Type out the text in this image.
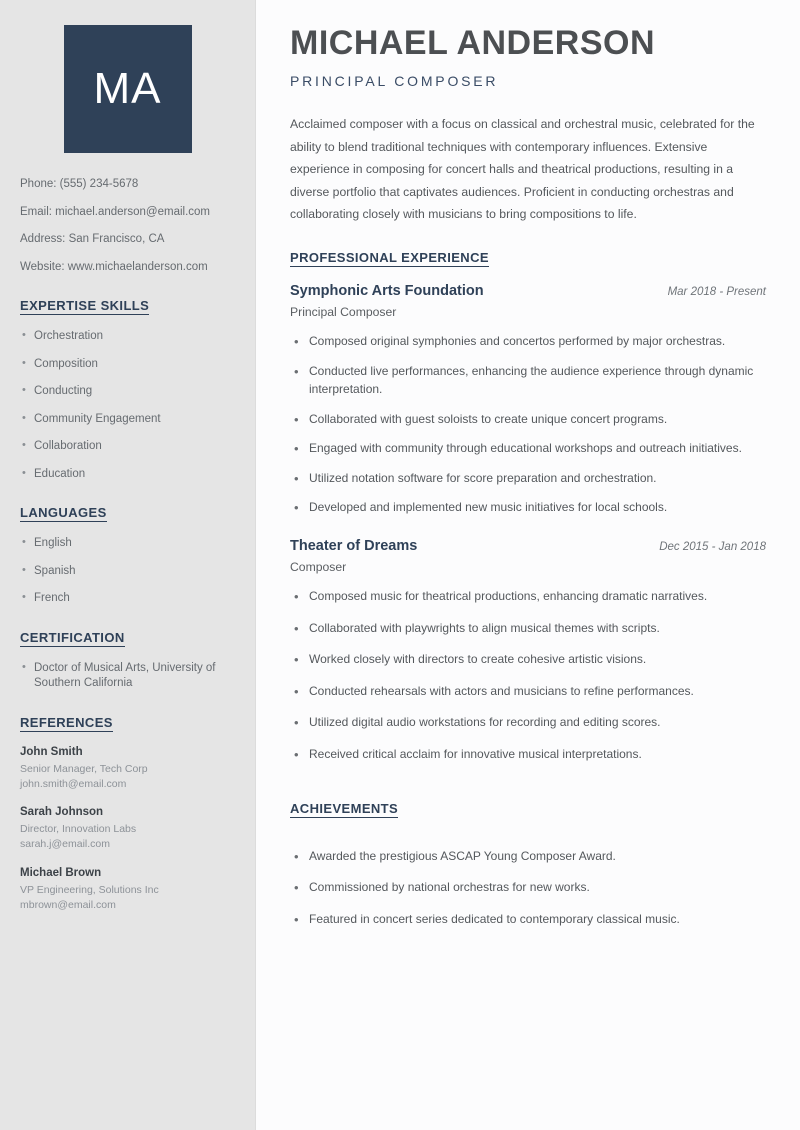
MA
Phone: (555) 234-5678
Email: michael.anderson@email.com
Address: San Francisco, CA
Website: www.michaelanderson.com
EXPERTISE SKILLS
• Orchestration
• Composition
• Conducting
• Community Engagement
• Collaboration
• Education
LANGUAGES
• English
• Spanish
• French
CERTIFICATION
• Doctor of Musical Arts, University of Southern California
REFERENCES
John Smith
Senior Manager, Tech Corp
john.smith@email.com
Sarah Johnson
Director, Innovation Labs
sarah.j@email.com
Michael Brown
VP Engineering, Solutions Inc
mbrown@email.com
MICHAEL ANDERSON
PRINCIPAL COMPOSER

Acclaimed composer with a focus on classical and orchestral music, celebrated for the ability to blend traditional techniques with contemporary influences. Extensive experience in composing for concert halls and theatrical productions, resulting in a diverse portfolio that captivates audiences. Proficient in conducting orchestras and collaborating closely with musicians to bring compositions to life.

PROFESSIONAL EXPERIENCE
Symphonic Arts Foundation	Mar 2018 - Present
Principal Composer
• Composed original symphonies and concertos performed by major orchestras.
• Conducted live performances, enhancing the audience experience through dynamic interpretation.
• Collaborated with guest soloists to create unique concert programs.
• Engaged with community through educational workshops and outreach initiatives.
• Utilized notation software for score preparation and orchestration.
• Developed and implemented new music initiatives for local schools.
Theater of Dreams	Dec 2015 - Jan 2018
Composer
• Composed music for theatrical productions, enhancing dramatic narratives.
• Collaborated with playwrights to align musical themes with scripts.
• Worked closely with directors to create cohesive artistic visions.
• Conducted rehearsals with actors and musicians to refine performances.
• Utilized digital audio workstations for recording and editing scores.
• Received critical acclaim for innovative musical interpretations.
ACHIEVEMENTS
• Awarded the prestigious ASCAP Young Composer Award.
• Commissioned by national orchestras for new works.
• Featured in concert series dedicated to contemporary classical music.
